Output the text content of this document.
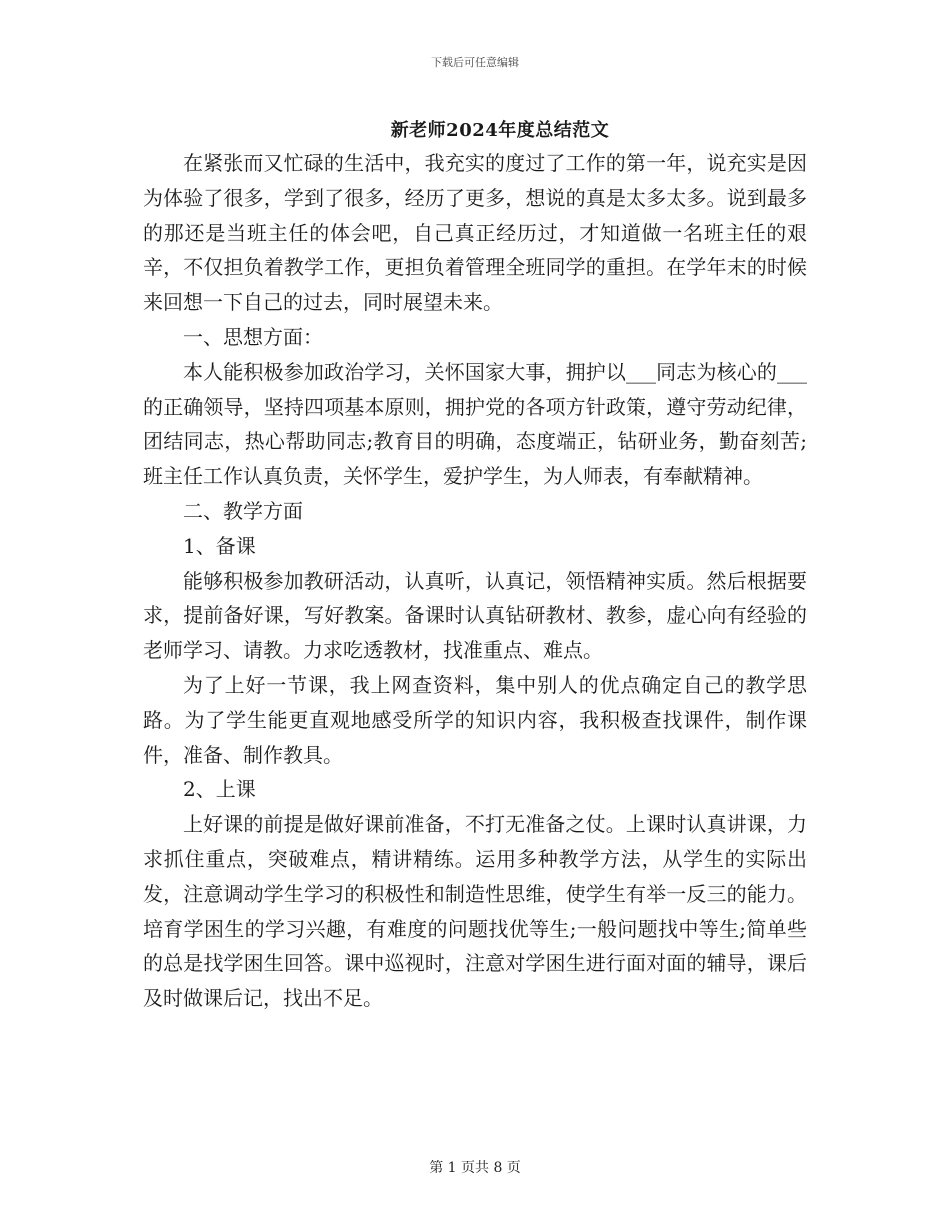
下载后可任意编辑
新老师2024年度总结范文

在紧张而又忙碌的生活中，我充实的度过了工作的第一年，说充实是因为体验了很多，学到了很多，经历了更多，想说的真是太多太多。说到最多的那还是当班主任的体会吧，自己真正经历过，才知道做一名班主任的艰辛，不仅担负着教学工作，更担负着管理全班同学的重担。在学年末的时候来回想一下自己的过去，同时展望未来。

一、思想方面：

本人能积极参加政治学习，关怀国家大事，拥护以___同志为核心的___的正确领导，坚持四项基本原则，拥护党的各项方针政策，遵守劳动纪律，团结同志，热心帮助同志;教育目的明确，态度端正，钻研业务，勤奋刻苦;班主任工作认真负责，关怀学生，爱护学生，为人师表，有奉献精神。

二、教学方面

1、备课

能够积极参加教研活动，认真听，认真记，领悟精神实质。然后根据要求，提前备好课，写好教案。备课时认真钻研教材、教参，虚心向有经验的老师学习、请教。力求吃透教材，找准重点、难点。

为了上好一节课，我上网查资料，集中别人的优点确定自己的教学思路。为了学生能更直观地感受所学的知识内容，我积极查找课件，制作课件，准备、制作教具。

2、上课

上好课的前提是做好课前准备，不打无准备之仗。上课时认真讲课，力求抓住重点，突破难点，精讲精练。运用多种教学方法，从学生的实际出发，注意调动学生学习的积极性和制造性思维，使学生有举一反三的能力。培育学困生的学习兴趣，有难度的问题找优等生;一般问题找中等生;简单些的总是找学困生回答。课中巡视时，注意对学困生进行面对面的辅导，课后及时做课后记，找出不足。

第 1 页共 8 页
